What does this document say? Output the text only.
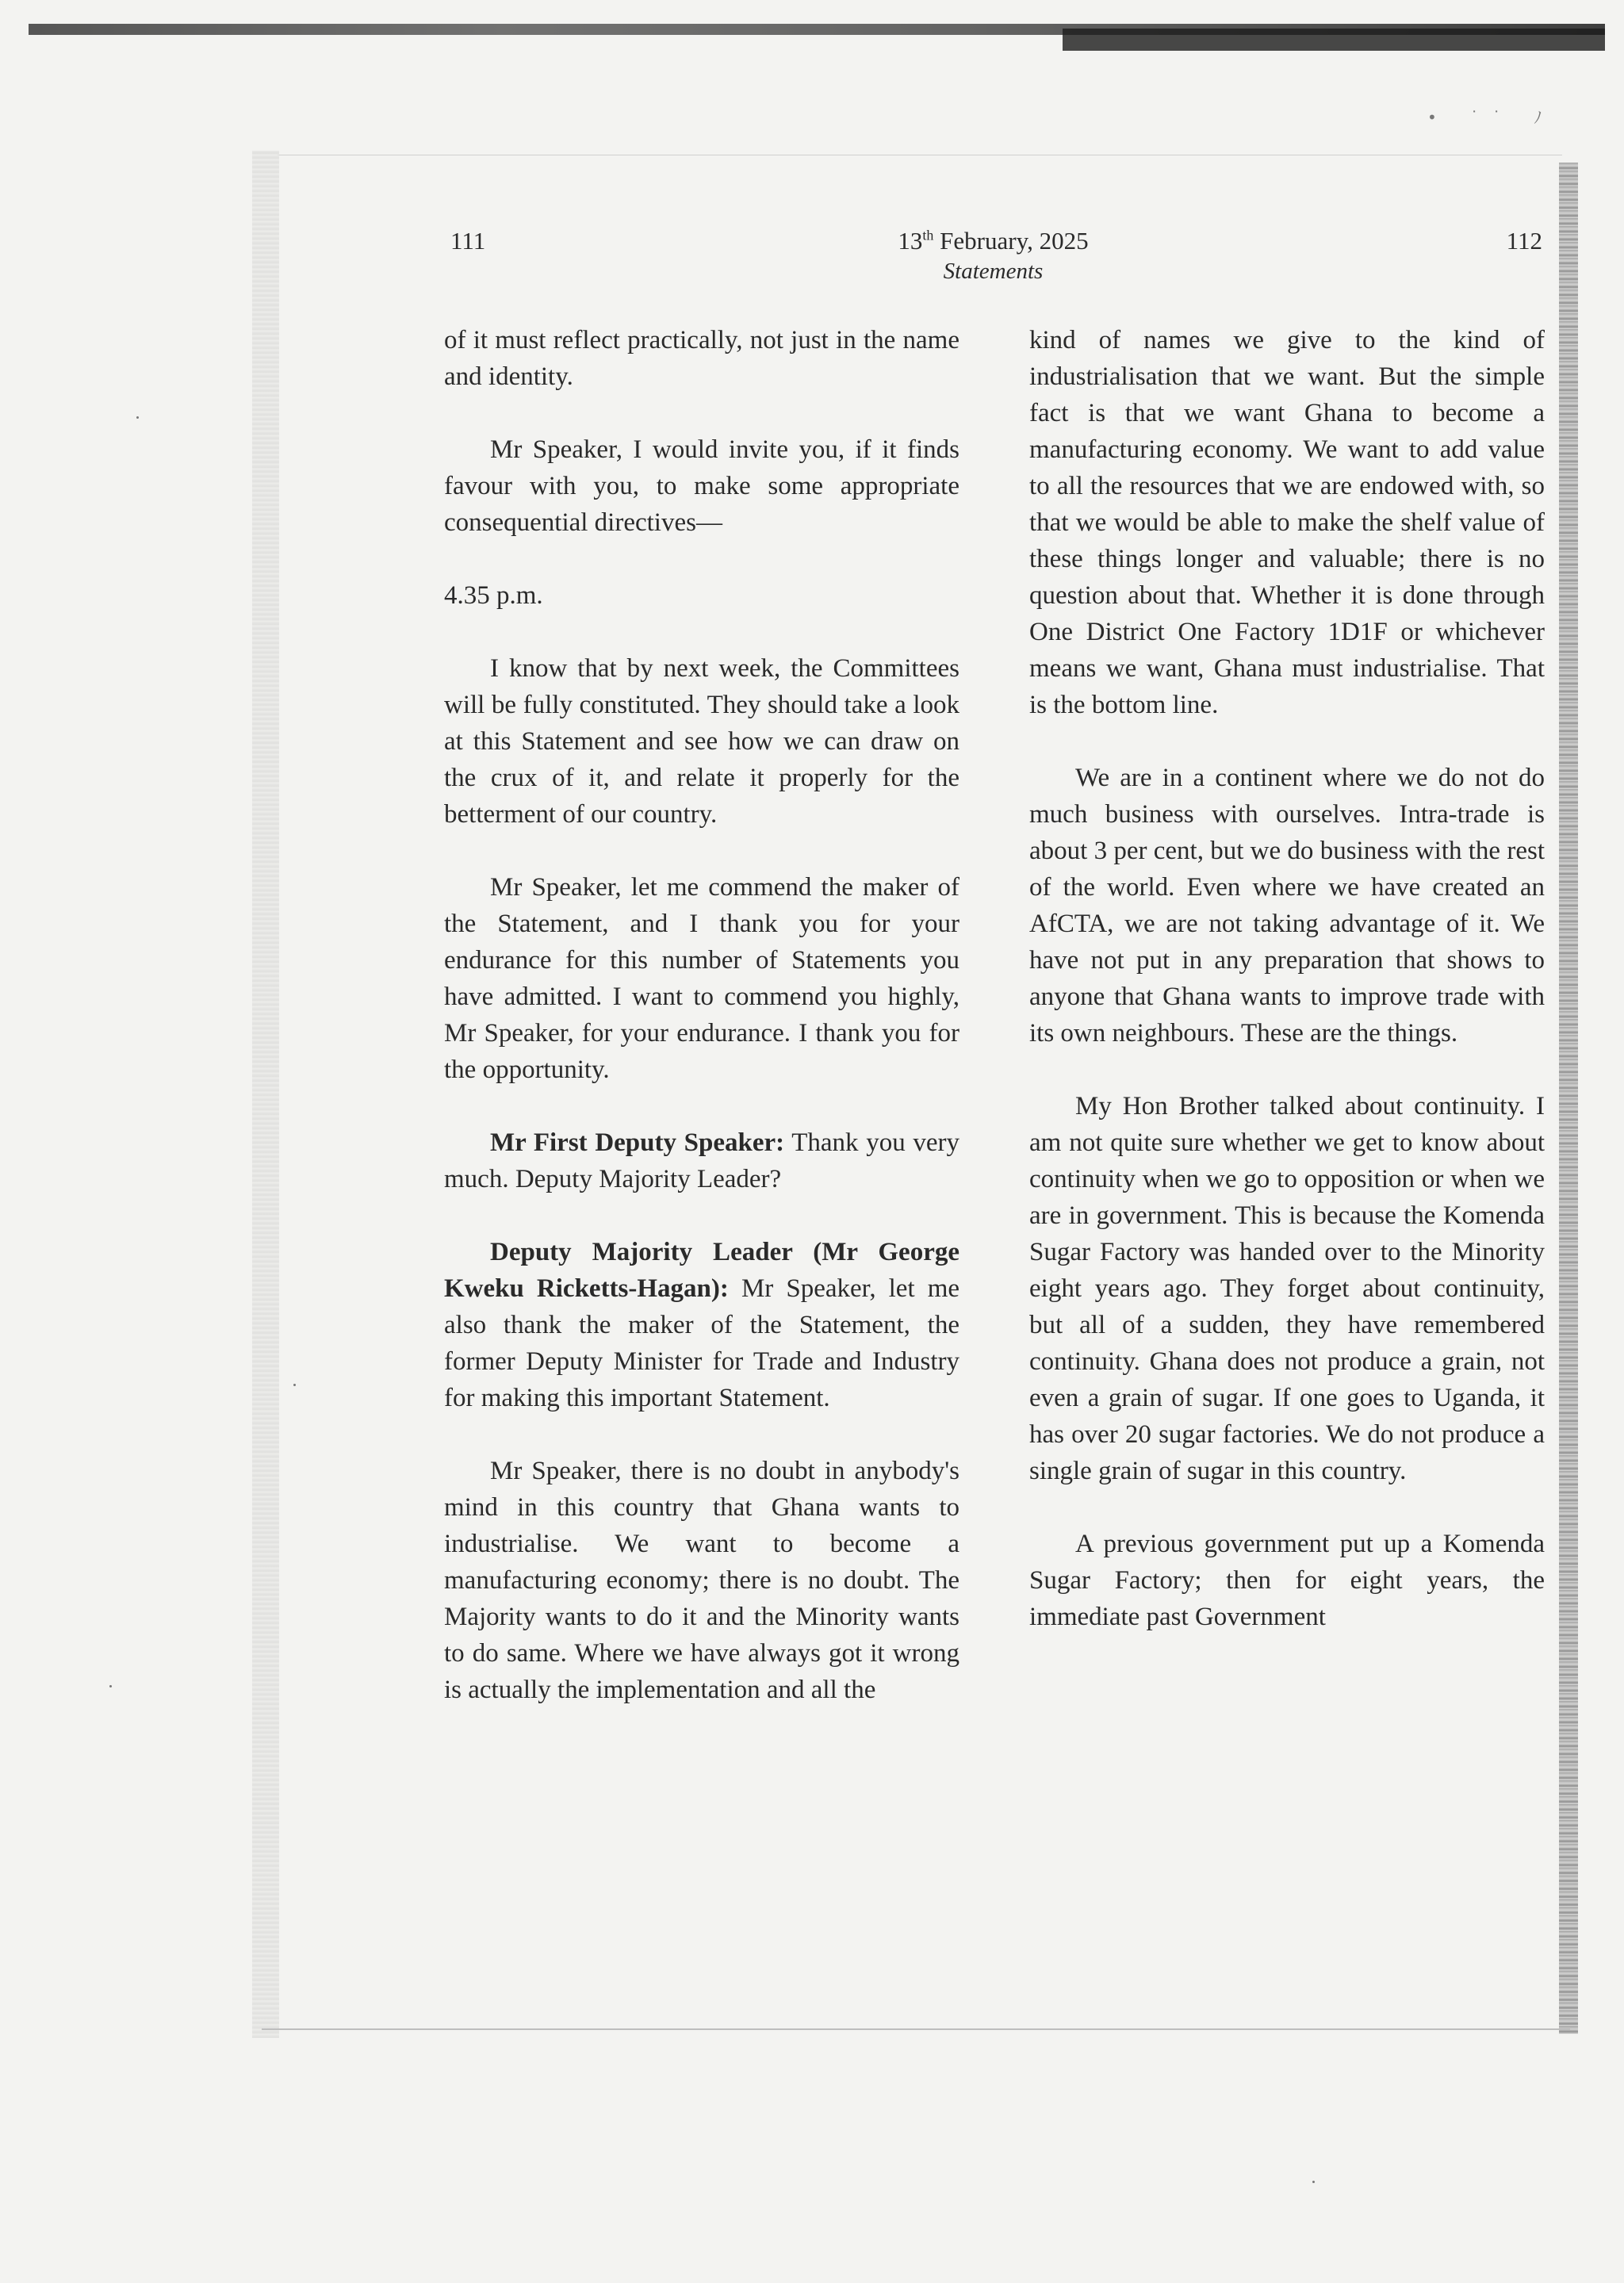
• ˙˙ ﾉ
111	13th February, 2025	112
Statements

of it must reflect practically, not just in the name and identity.

Mr Speaker, I would invite you, if it finds favour with you, to make some appropriate consequential directives—

4.35 p.m.

I know that by next week, the Committees will be fully constituted. They should take a look at this Statement and see how we can draw on the crux of it, and relate it properly for the betterment of our country.

Mr Speaker, let me commend the maker of the Statement, and I thank you for your endurance for this number of Statements you have admitted. I want to commend you highly, Mr Speaker, for your endurance. I thank you for the opportunity.

Mr First Deputy Speaker: Thank you very much. Deputy Majority Leader?

Deputy Majority Leader (Mr George Kweku Ricketts-Hagan): Mr Speaker, let me also thank the maker of the Statement, the former Deputy Minister for Trade and Industry for making this important Statement.

Mr Speaker, there is no doubt in anybody's mind in this country that Ghana wants to industrialise. We want to become a manufacturing economy; there is no doubt. The Majority wants to do it and the Minority wants to do same. Where we have always got it wrong is actually the implementation and all the

kind of names we give to the kind of industrialisation that we want. But the simple fact is that we want Ghana to become a manufacturing economy. We want to add value to all the resources that we are endowed with, so that we would be able to make the shelf value of these things longer and valuable; there is no question about that. Whether it is done through One District One Factory 1D1F or whichever means we want, Ghana must industrialise. That is the bottom line.

We are in a continent where we do not do much business with ourselves. Intra-trade is about 3 per cent, but we do business with the rest of the world. Even where we have created an AfCTA, we are not taking advantage of it. We have not put in any preparation that shows to anyone that Ghana wants to improve trade with its own neighbours. These are the things.

My Hon Brother talked about continuity. I am not quite sure whether we get to know about continuity when we go to opposition or when we are in government. This is because the Komenda Sugar Factory was handed over to the Minority eight years ago. They forget about continuity, but all of a sudden, they have remembered continuity. Ghana does not produce a grain, not even a grain of sugar. If one goes to Uganda, it has over 20 sugar factories. We do not produce a single grain of sugar in this country.

A previous government put up a Komenda Sugar Factory; then for eight years, the immediate past Government
